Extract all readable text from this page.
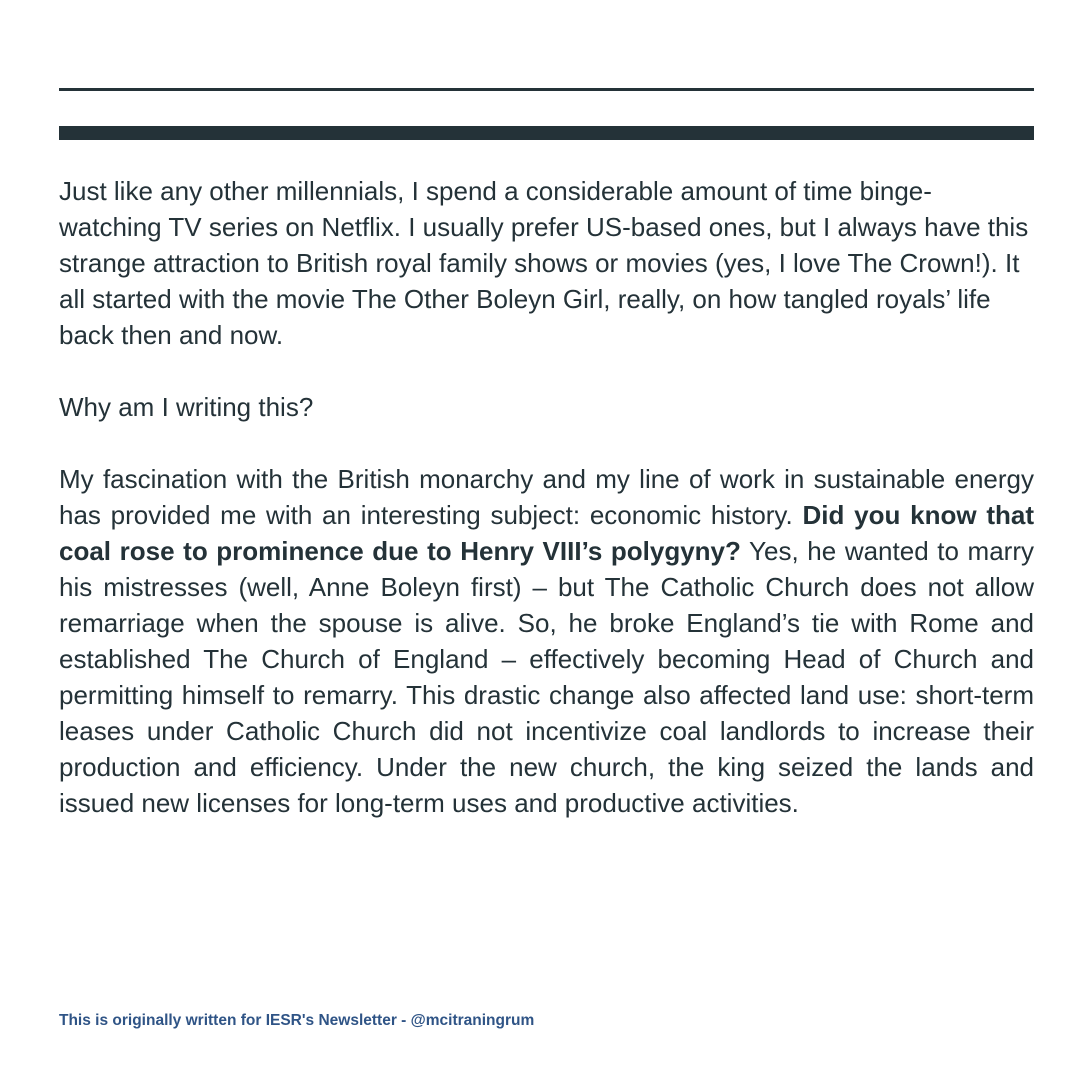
Just like any other millennials, I spend a considerable amount of time binge-watching TV series on Netflix. I usually prefer US-based ones, but I always have this strange attraction to British royal family shows or movies (yes, I love The Crown!). It all started with the movie The Other Boleyn Girl, really, on how tangled royals’ life back then and now.

Why am I writing this?

My fascination with the British monarchy and my line of work in sustainable energy has provided me with an interesting subject: economic history. Did you know that coal rose to prominence due to Henry VIII’s polygyny? Yes, he wanted to marry his mistresses (well, Anne Boleyn first) – but The Catholic Church does not allow remarriage when the spouse is alive. So, he broke England’s tie with Rome and established The Church of England – effectively becoming Head of Church and permitting himself to remarry. This drastic change also affected land use: short-term leases under Catholic Church did not incentivize coal landlords to increase their production and efficiency. Under the new church, the king seized the lands and issued new licenses for long-term uses and productive activities.

This is originally written for IESR's Newsletter - @mcitraningrum
